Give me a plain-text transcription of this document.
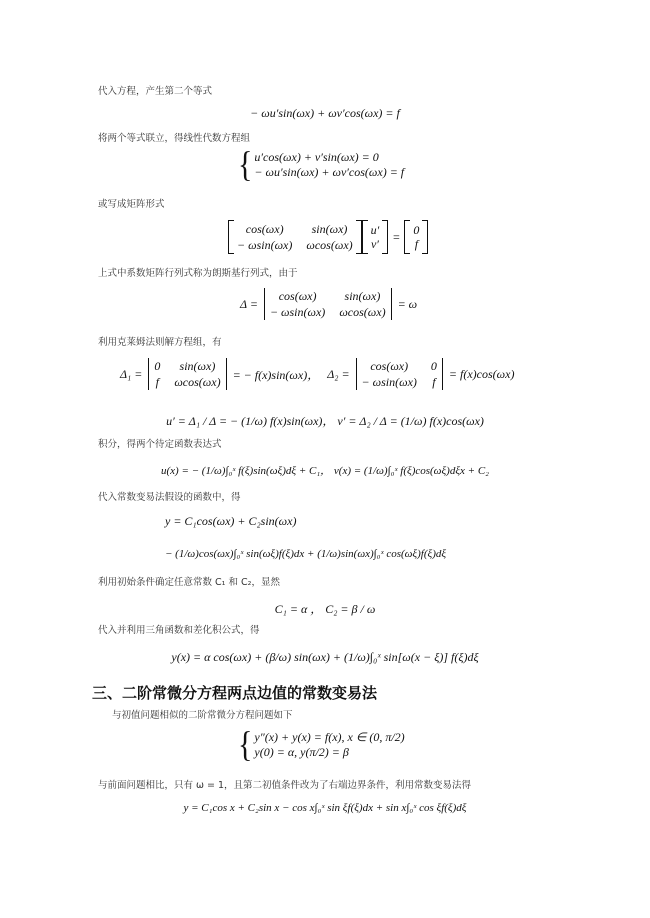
代入方程，产生第二个等式
− ωu′sin(ωx) + ωv′cos(ωx) = f
将两个等式联立，得线性代数方程组
{ u′cos(ωx) + v′sin(ωx) = 0
− ωu′sin(ωx) + ωv′cos(ωx) = f
或写成矩阵形式
cos(ωx)	sin(ωx)
− ωsin(ωx) ωcos(ωx)
u′
v′
=	0
f
上式中系数矩阵行列式称为朗斯基行列式，由于
Δ =
cos(ωx)	sin(ωx)
− ωsin(ωx) ωcos(ωx)
= ω
利用克莱姆法则解方程组，有
Δ₁ =
0	sin(ωx)
f ωcos(ωx)
= − f(x)sin(ωx)， Δ₂ =
cos(ωx)	0
− ωsin(ωx) f
= f(x)cos(ωx)
u′ = Δ₁ / Δ = − (1/ω) f(x)sin(ωx)， v′ = Δ₂ / Δ = (1/ω) f(x)cos(ωx)
积分，得两个待定函数表达式
u(x) = − (1/ω)∫₀ˣ f(ξ)sin(ωξ)dξ + C₁， v(x) = (1/ω)∫₀ˣ f(ξ)cos(ωξ)dξx + C₂
代入常数变易法假设的函数中，得
y = C₁cos(ωx) + C₂sin(ωx)
− (1/ω)cos(ωx)∫₀ˣ sin(ωξ)f(ξ)dx + (1/ω)sin(ωx)∫₀ˣ cos(ωξ)f(ξ)dξ
利用初始条件确定任意常数 C₁ 和 C₂，显然
C₁ = α ， C₂ = β / ω
代入并利用三角函数和差化积公式，得
y(x) = α cos(ωx) + (β/ω) sin(ωx) + (1/ω)∫₀ˣ sin[ω(x − ξ)] f(ξ)dξ
三、二阶常微分方程两点边值的常数变易法
与初值问题相似的二阶常微分方程问题如下
{ y″(x) + y(x) = f(x), x ∈ (0, π/2)
y(0) = α, y(π/2) = β
与前面问题相比，只有 ω = 1，且第二初值条件改为了右端边界条件，利用常数变易法得
y = C₁cos x + C₂sin x − cos x∫₀ˣ sin ξf(ξ)dx + sin x∫₀ˣ cos ξf(ξ)dξ
